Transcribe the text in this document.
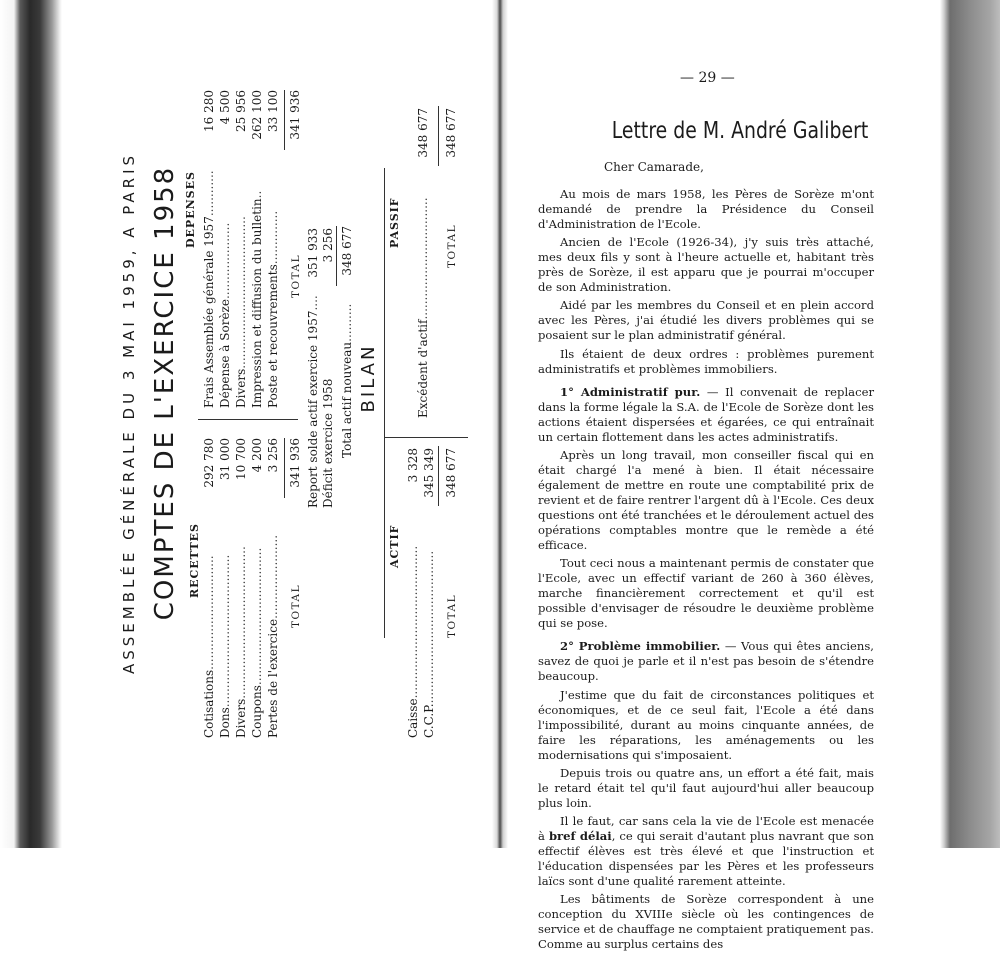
ASSEMBLÉE GÉNÉRALE DU 3 MAI 1959, A PARIS COMPTES DE L'EXERCICE 1958 RECETTES
Cotisations..............................
292 780
Dons........................................
31 000
Divers........................................
10 700
Coupons....................................
4 200
Pertes de l'exercice......................
3 256
TOTAL
341 936
DEPENSES
Frais Assemblée générale 1957............
16 280
Dépense à Sorèze....................
4 500
Divers........................................
25 956
Impression et diffusion du bulletin..
262 100
Poste et recouvrements..............
33 100
TOTAL
341 936
Report solde actif exercice 1957....
351 933
Déficit exercice 1958
3 256
Total actif nouveau..........
348 677
BILAN
ACTIF
Caisse........................................
3 328
C.C.P.........................................
345 349
TOTAL
348 677
PASSIF
Excédent d'actif................................
348 677
TOTAL
348 677
— 29 —
Lettre de M. André Galibert

Cher Camarade,

Au mois de mars 1958, les Pères de Sorèze m'ont demandé de prendre la Présidence du Conseil d'Administration de l'Ecole.

Ancien de l'Ecole (1926-34), j'y suis très attaché, mes deux fils y sont à l'heure actuelle et, habitant très près de Sorèze, il est apparu que je pourrai m'occuper de son Administration.

Aidé par les membres du Conseil et en plein accord avec les Pères, j'ai étudié les divers problèmes qui se posaient sur le plan administratif général.

Ils étaient de deux ordres : problèmes purement administratifs et problèmes immobiliers.

1° Administratif pur. — Il convenait de replacer dans la forme légale la S.A. de l'Ecole de Sorèze dont les actions étaient dispersées et égarées, ce qui entraînait un certain flottement dans les actes administratifs.

Après un long travail, mon conseiller fiscal qui en était chargé l'a mené à bien. Il était nécessaire également de mettre en route une comptabilité prix de revient et de faire rentrer l'argent dû à l'Ecole. Ces deux questions ont été tranchées et le déroulement actuel des opérations comptables montre que le remède a été efficace.

Tout ceci nous a maintenant permis de constater que l'Ecole, avec un effectif variant de 260 à 360 élèves, marche financièrement correctement et qu'il est possible d'envisager de résoudre le deuxième problème qui se pose.

2° Problème immobilier. — Vous qui êtes anciens, savez de quoi je parle et il n'est pas besoin de s'étendre beaucoup.

J'estime que du fait de circonstances politiques et économiques, et de ce seul fait, l'Ecole a été dans l'impossibilité, durant au moins cinquante années, de faire les réparations, les aménagements ou les modernisations qui s'imposaient.

Depuis trois ou quatre ans, un effort a été fait, mais le retard était tel qu'il faut aujourd'hui aller beaucoup plus loin.

Il le faut, car sans cela la vie de l'Ecole est menacée à bref délai, ce qui serait d'autant plus navrant que son effectif élèves est très élevé et que l'instruction et l'éducation dispensées par les Pères et les professeurs laïcs sont d'une qualité rarement atteinte.

Les bâtiments de Sorèze correspondent à une conception du XVIIIe siècle où les contingences de service et de chauffage ne comptaient pratiquement pas. Comme au surplus certains des
